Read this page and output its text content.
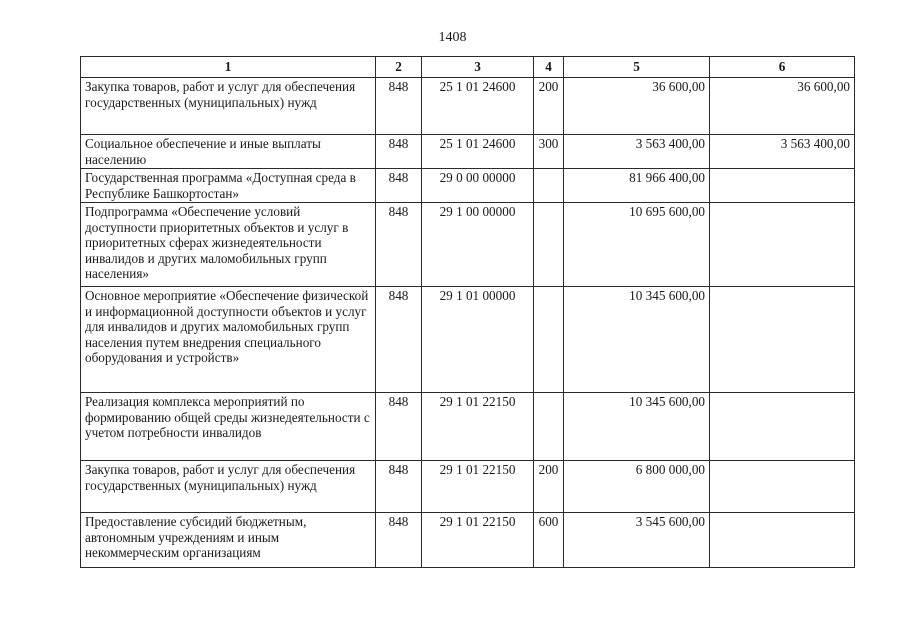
1408
1	2	3	4	5	6
Закупка товаров, работ и услуг для обеспечения государственных (муниципальных) нужд	848	25 1 01 24600	200	36 600,00	36 600,00
Социальное обеспечение и иные выплаты населению	848	25 1 01 24600	300	3 563 400,00	3 563 400,00
Государственная программа «Доступная среда в Республике Башкортостан»	848	29 0 00 00000		81 966 400,00	
Подпрограмма «Обеспечение условий доступности приоритетных объектов и услуг в приоритетных сферах жизнедеятельности инвалидов и других маломобильных групп населения»	848	29 1 00 00000		10 695 600,00	
Основное мероприятие «Обеспечение физической и информационной доступности объектов и услуг для инвалидов и других маломобильных групп населения путем внедрения специального оборудования и устройств»	848	29 1 01 00000		10 345 600,00	
Реализация комплекса мероприятий по формированию общей среды жизнедеятельности с учетом потребности инвалидов	848	29 1 01 22150		10 345 600,00	
Закупка товаров, работ и услуг для обеспечения государственных (муниципальных) нужд	848	29 1 01 22150	200	6 800 000,00	
Предоставление субсидий бюджетным, автономным учреждениям и иным некоммерческим организациям	848	29 1 01 22150	600	3 545 600,00	
